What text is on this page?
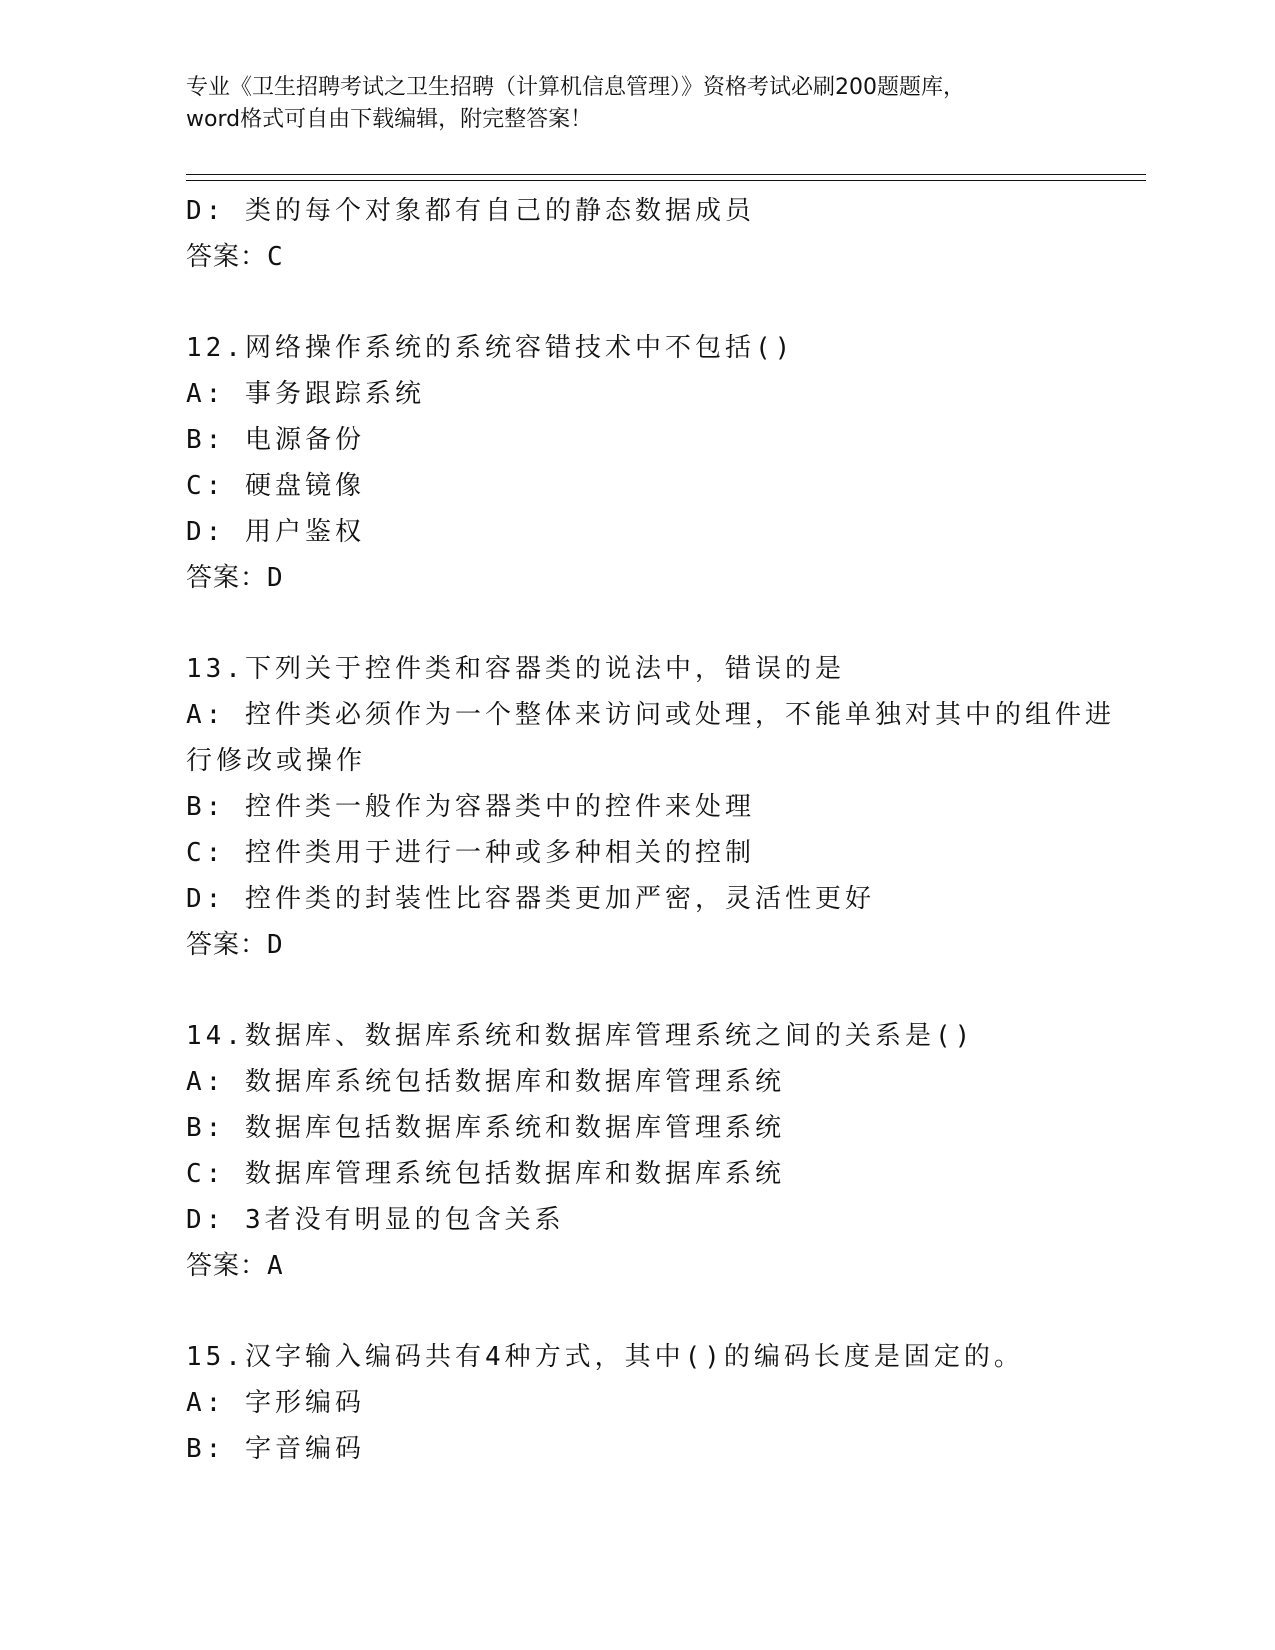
专业《卫生招聘考试之卫生招聘（计算机信息管理）》资格考试必刷200题题库，
word格式可自由下载编辑，附完整答案！
D: 类的每个对象都有自己的静态数据成员
答案：C
12.网络操作系统的系统容错技术中不包括()
A: 事务跟踪系统
B: 电源备份
C: 硬盘镜像
D: 用户鉴权
答案：D
13.下列关于控件类和容器类的说法中，错误的是
A: 控件类必须作为一个整体来访问或处理，不能单独对其中的组件进
行修改或操作
B: 控件类一般作为容器类中的控件来处理
C: 控件类用于进行一种或多种相关的控制
D: 控件类的封装性比容器类更加严密，灵活性更好
答案：D
14.数据库、数据库系统和数据库管理系统之间的关系是()
A: 数据库系统包括数据库和数据库管理系统
B: 数据库包括数据库系统和数据库管理系统
C: 数据库管理系统包括数据库和数据库系统
D: 3者没有明显的包含关系
答案：A
15.汉字输入编码共有4种方式，其中()的编码长度是固定的。
A: 字形编码
B: 字音编码
